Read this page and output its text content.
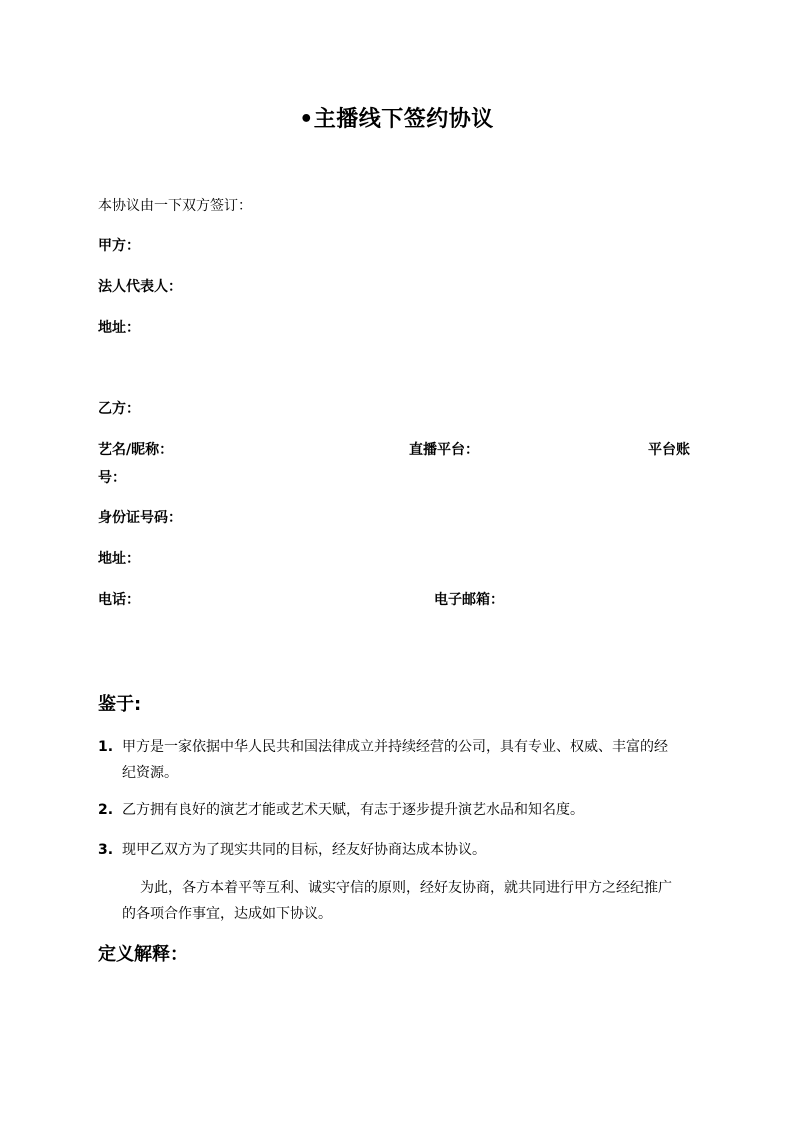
•主播线下签约协议
本协议由一下双方签订：
甲方：
法人代表人：
地址：
乙方：
艺名/昵称：	直播平台：	平台账
号：
身份证号码：
地址：
电话：	电子邮箱：
鉴于:
1. 甲方是一家依据中华人民共和国法律成立并持续经营的公司，具有专业、权威、丰富的经
纪资源。
2. 乙方拥有良好的演艺才能或艺术天赋，有志于逐步提升演艺水品和知名度。
3. 现甲乙双方为了现实共同的目标，经友好协商达成本协议。
为此，各方本着平等互利、诚实守信的原则，经好友协商，就共同进行甲方之经纪推广
的各项合作事宜，达成如下协议。
定义解释：
